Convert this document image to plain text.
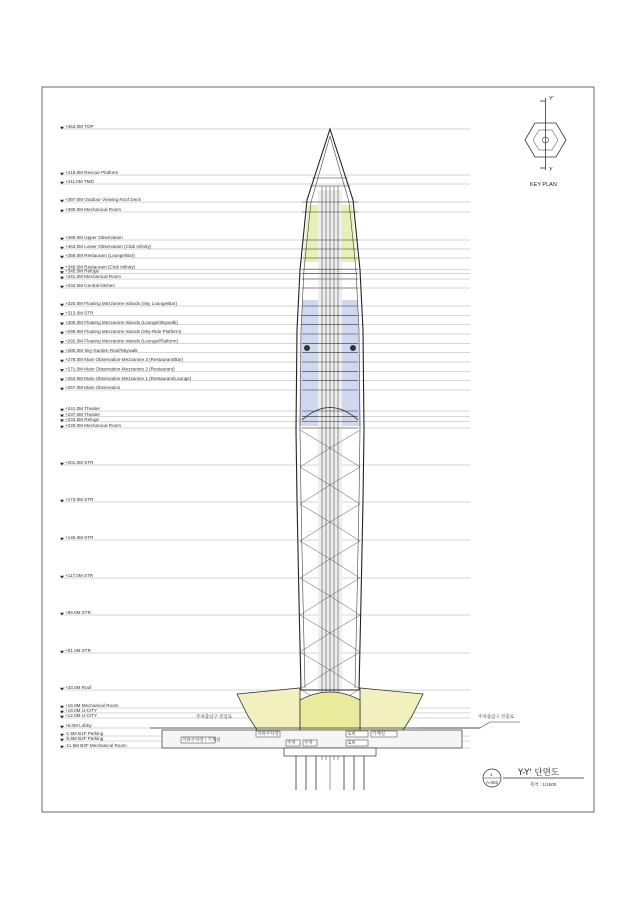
+453.0M TOP
+418.0M Rescue Platform
+411.0M TMD
+397.0M Outdoor Viewing Roof Deck
+390.0M Mechanical Room
+369.0M Upper Observation
+363.0M Lower Observation (Club Infinity)
+356.0M Restaurant (Lounge/Bar)
+348.0M Restaurant (Club Infinity)
+345.0M Refuge
+341.0M Mechanical Room
+334.0M Central kitchen
+320.0M Floating Mezzanine Islands (Sky Lounge/Bar)
+313.0M STR
+306.0M Floating Mezzanine Islands (Lounge/Skywalk)
+299.0M Floating Mezzanine Islands (Sky-Ride Platform)
+292.0M Floating Mezzanine Islands (Lounge/Platform)
+285.0M Sky Garden Roof/Skywalk
+278.0M Main Observation-Mezzanine 3 (Restaurant/Bar)
+271.0M Main Observation-Mezzanine 2 (Restaurant)
+264.0M Main Observation-Mezzanine 1 (Restaurant/Lounge)
+257.0M Main Observation
+241.0M Theater
+237.0M Theater
+233.5M Refuge
+229.0M Mechanical Room
+201.0M STR
+173.0M STR
+145.0M STR
+117.0M STR
+89.0M STR
+61.0M STR
+33.0M Roof
+19.9M Mechanical Room
+16.0M U-CITY
+12.0M U-CITY
+6.0M Lobby
-1.5M B1F Parking
-5.9M B2F Parking
-11.5M B3F Mechanical Room
주차출입구 진입로	주차출입구 진출로
지하주차장 / 기계실
지하주차장
주차 주차	로비
기계실
로비
Y'
Y
KEY PLAN
1
A-002
Y-Y' 단면도
축척 : 1/1500
